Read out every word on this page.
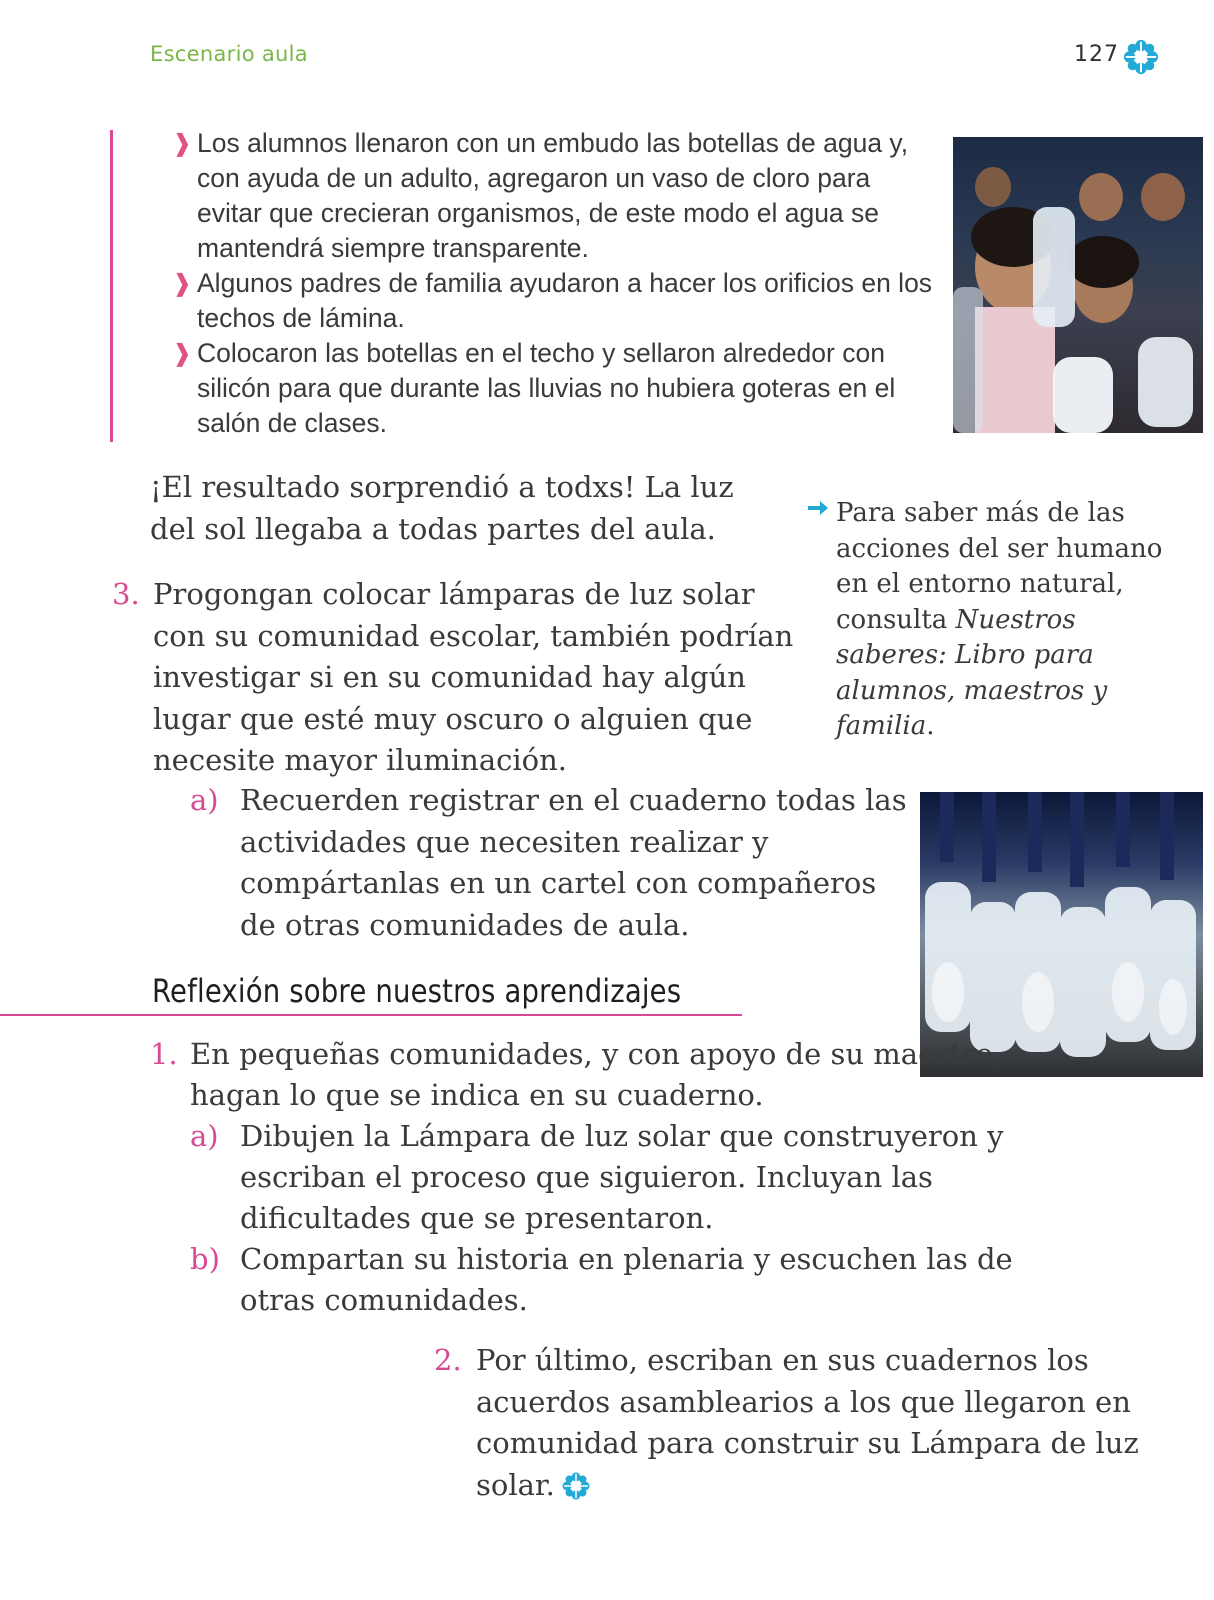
Escenario aula	127
❱ Los alumnos llenaron con un embudo las botellas de agua y, con ayuda de un adulto, agregaron un vaso de cloro para evitar que crecieran organismos, de este modo el agua se mantendrá siempre transparente.
❱ Algunos padres de familia ayudaron a hacer los orificios en los techos de lámina.
❱ Colocaron las botellas en el techo y sellaron alrededor con silicón para que durante las lluvias no hubiera goteras en el salón de clases.
¡El resultado sorprendió a todxs! La luz del sol llegaba a todas partes del aula.	Para saber más de las acciones del ser humano en el entorno natural, consulta Nuestros saberes: Libro para alumnos, maestros y familia.
3. Progongan colocar lámparas de luz solar con su comunidad escolar, también podrían investigar si en su comunidad hay algún lugar que esté muy oscuro o alguien que necesite mayor iluminación.
a) Recuerden registrar en el cuaderno todas las actividades que necesiten realizar y compártanlas en un cartel con compañeros de otras comunidades de aula.
Reflexión sobre nuestros aprendizajes
1. En pequeñas comunidades, y con apoyo de su maestro, hagan lo que se indica en su cuaderno.
a) Dibujen la Lámpara de luz solar que construyeron y escriban el proceso que siguieron. Incluyan las dificultades que se presentaron.
b) Compartan su historia en plenaria y escuchen las de otras comunidades.
2. Por último, escriban en sus cuadernos los acuerdos asamblearios a los que llegaron en comunidad para construir su Lámpara de luz solar.
